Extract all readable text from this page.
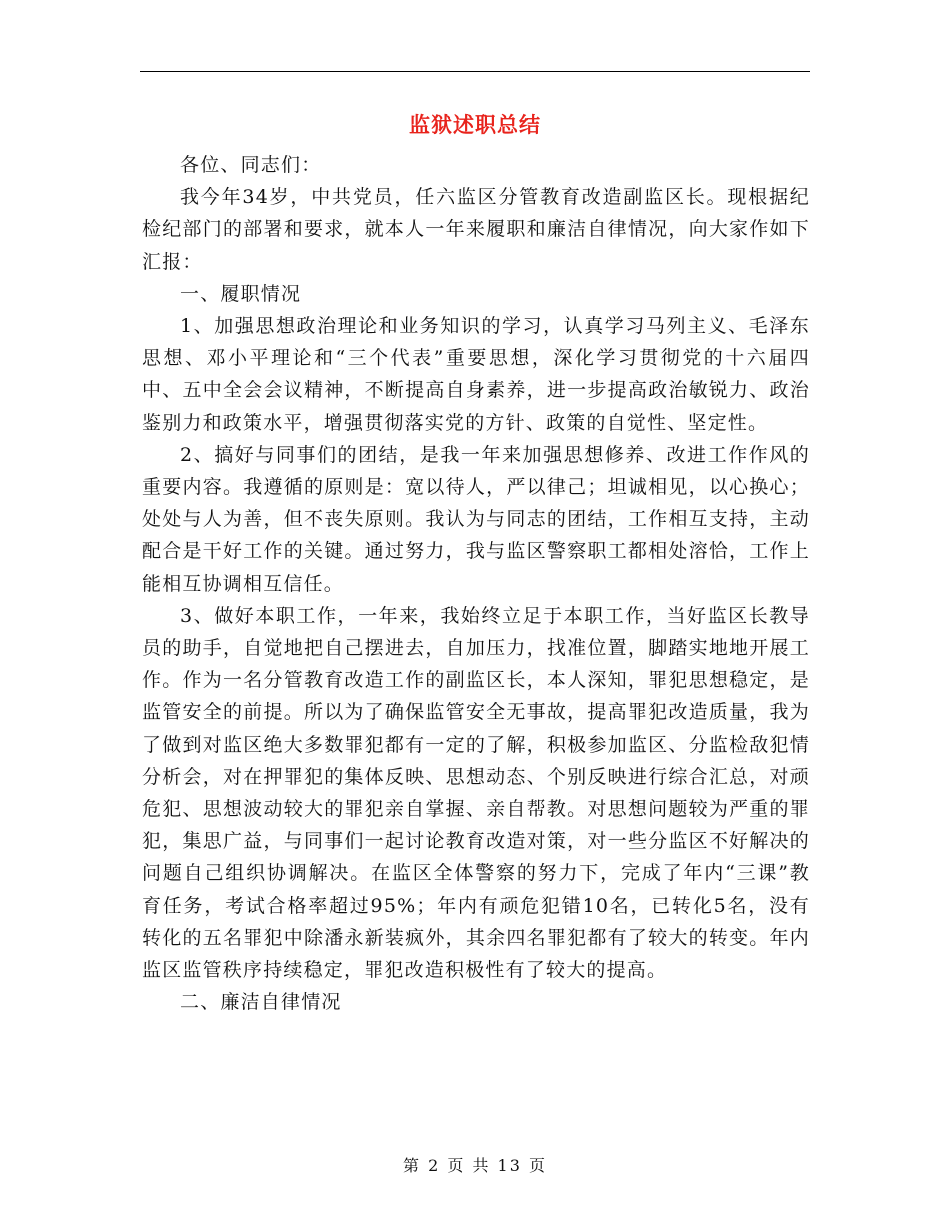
监狱述职总结

各位、同志们：

我今年34岁，中共党员，任六监区分管教育改造副监区长。现根据纪检纪部门的部署和要求，就本人一年来履职和廉洁自律情况，向大家作如下汇报：

一、履职情况

1、加强思想政治理论和业务知识的学习，认真学习马列主义、毛泽东思想、邓小平理论和“三个代表”重要思想，深化学习贯彻党的十六届四中、五中全会会议精神，不断提高自身素养，进一步提高政治敏锐力、政治鉴别力和政策水平，增强贯彻落实党的方针、政策的自觉性、坚定性。

2、搞好与同事们的团结，是我一年来加强思想修养、改进工作作风的重要内容。我遵循的原则是：宽以待人，严以律己；坦诚相见，以心换心；处处与人为善，但不丧失原则。我认为与同志的团结，工作相互支持，主动配合是干好工作的关键。通过努力，我与监区警察职工都相处溶恰，工作上能相互协调相互信任。

3、做好本职工作，一年来，我始终立足于本职工作，当好监区长教导员的助手，自觉地把自己摆进去，自加压力，找准位置，脚踏实地地开展工作。作为一名分管教育改造工作的副监区长，本人深知，罪犯思想稳定，是监管安全的前提。所以为了确保监管安全无事故，提高罪犯改造质量，我为了做到对监区绝大多数罪犯都有一定的了解，积极参加监区、分监检敌犯情分析会，对在押罪犯的集体反映、思想动态、个别反映进行综合汇总，对顽危犯、思想波动较大的罪犯亲自掌握、亲自帮教。对思想问题较为严重的罪犯，集思广益，与同事们一起讨论教育改造对策，对一些分监区不好解决的问题自己组织协调解决。在监区全体警察的努力下，完成了年内“三课”教育任务，考试合格率超过95%；年内有顽危犯错10名，已转化5名，没有转化的五名罪犯中除潘永新装疯外，其余四名罪犯都有了较大的转变。年内监区监管秩序持续稳定，罪犯改造积极性有了较大的提高。

二、廉洁自律情况

第 2 页 共 13 页
